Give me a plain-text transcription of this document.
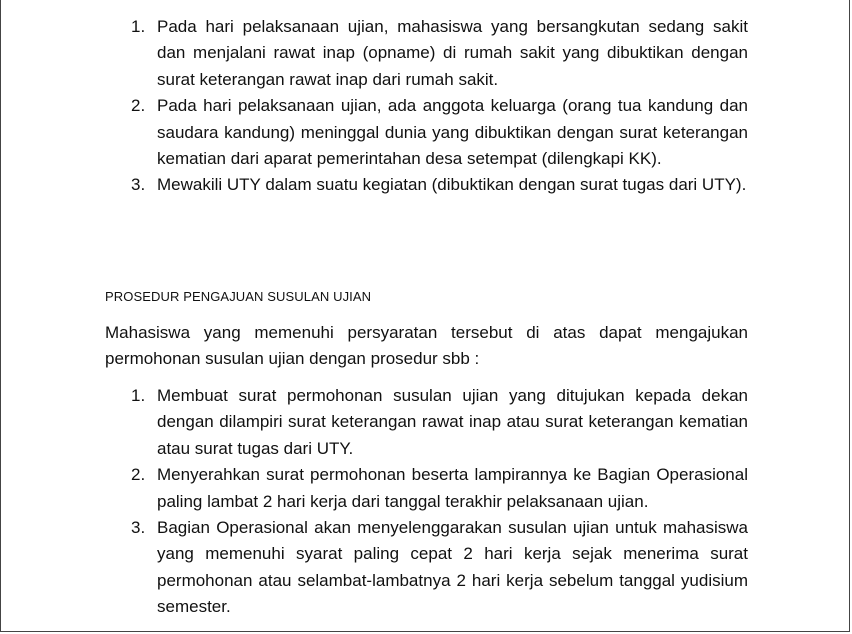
1. Pada hari pelaksanaan ujian, mahasiswa yang bersangkutan sedang sakit dan menjalani rawat inap (opname) di rumah sakit yang dibuktikan dengan surat keterangan rawat inap dari rumah sakit.
2. Pada hari pelaksanaan ujian, ada anggota keluarga (orang tua kandung dan saudara kandung) meninggal dunia yang dibuktikan dengan surat keterangan kematian dari aparat pemerintahan desa setempat (dilengkapi KK).
3. Mewakili UTY dalam suatu kegiatan (dibuktikan dengan surat tugas dari UTY).
PROSEDUR PENGAJUAN SUSULAN UJIAN

Mahasiswa yang memenuhi persyaratan tersebut di atas dapat mengajukan permohonan susulan ujian dengan prosedur sbb :

1. Membuat surat permohonan susulan ujian yang ditujukan kepada dekan dengan dilampiri surat keterangan rawat inap atau surat keterangan kematian atau surat tugas dari UTY.
2. Menyerahkan surat permohonan beserta lampirannya ke Bagian Operasional paling lambat 2 hari kerja dari tanggal terakhir pelaksanaan ujian.
3. Bagian Operasional akan menyelenggarakan susulan ujian untuk mahasiswa yang memenuhi syarat paling cepat 2 hari kerja sejak menerima surat permohonan atau selambat-lambatnya 2 hari kerja sebelum tanggal yudisium semester.
